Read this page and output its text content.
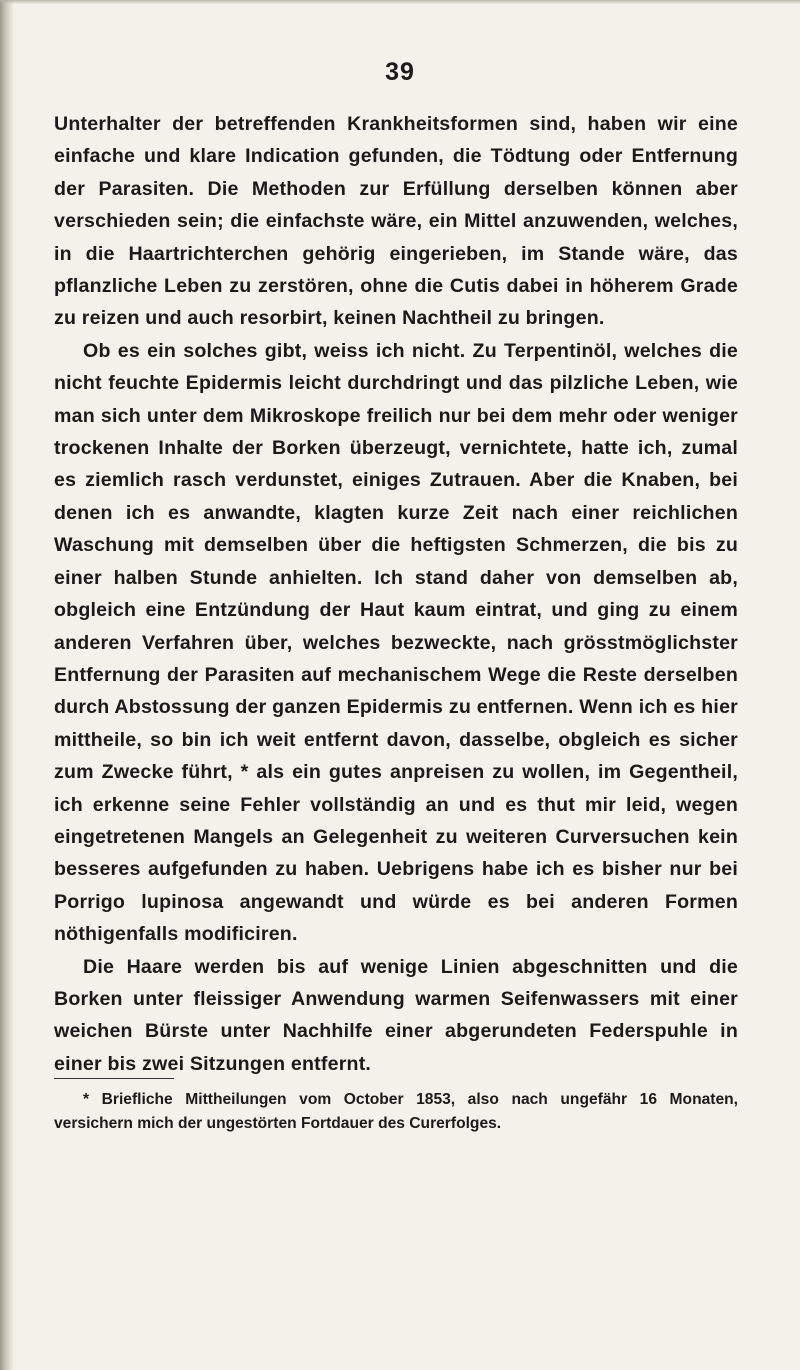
39

Unterhalter der betreffenden Krankheitsformen sind, haben wir eine einfache und klare Indication gefunden, die Tödtung oder Entfernung der Parasiten. Die Methoden zur Erfüllung derselben können aber verschieden sein; die einfachste wäre, ein Mittel anzuwenden, welches, in die Haartrichterchen gehörig eingerieben, im Stande wäre, das pflanzliche Leben zu zerstören, ohne die Cutis dabei in höherem Grade zu reizen und auch resorbirt, keinen Nachtheil zu bringen.

Ob es ein solches gibt, weiss ich nicht. Zu Terpentinöl, welches die nicht feuchte Epidermis leicht durchdringt und das pilzliche Leben, wie man sich unter dem Mikroskope freilich nur bei dem mehr oder weniger trockenen Inhalte der Borken überzeugt, vernichtete, hatte ich, zumal es ziemlich rasch verdunstet, einiges Zutrauen. Aber die Knaben, bei denen ich es anwandte, klagten kurze Zeit nach einer reichlichen Waschung mit demselben über die heftigsten Schmerzen, die bis zu einer halben Stunde anhielten. Ich stand daher von demselben ab, obgleich eine Entzündung der Haut kaum eintrat, und ging zu einem anderen Verfahren über, welches bezweckte, nach grösstmöglichster Entfernung der Parasiten auf mechanischem Wege die Reste derselben durch Abstossung der ganzen Epidermis zu entfernen. Wenn ich es hier mittheile, so bin ich weit entfernt davon, dasselbe, obgleich es sicher zum Zwecke führt, * als ein gutes anpreisen zu wollen, im Gegentheil, ich erkenne seine Fehler vollständig an und es thut mir leid, wegen eingetretenen Mangels an Gelegenheit zu weiteren Curversuchen kein besseres aufgefunden zu haben. Uebrigens habe ich es bisher nur bei Porrigo lupinosa angewandt und würde es bei anderen Formen nöthigenfalls modificiren.

Die Haare werden bis auf wenige Linien abgeschnitten und die Borken unter fleissiger Anwendung warmen Seifenwassers mit einer weichen Bürste unter Nachhilfe einer abgerundeten Federspuhle in einer bis zwei Sitzungen entfernt.

* Briefliche Mittheilungen vom October 1853, also nach ungefähr 16 Monaten, versichern mich der ungestörten Fortdauer des Curerfolges.
